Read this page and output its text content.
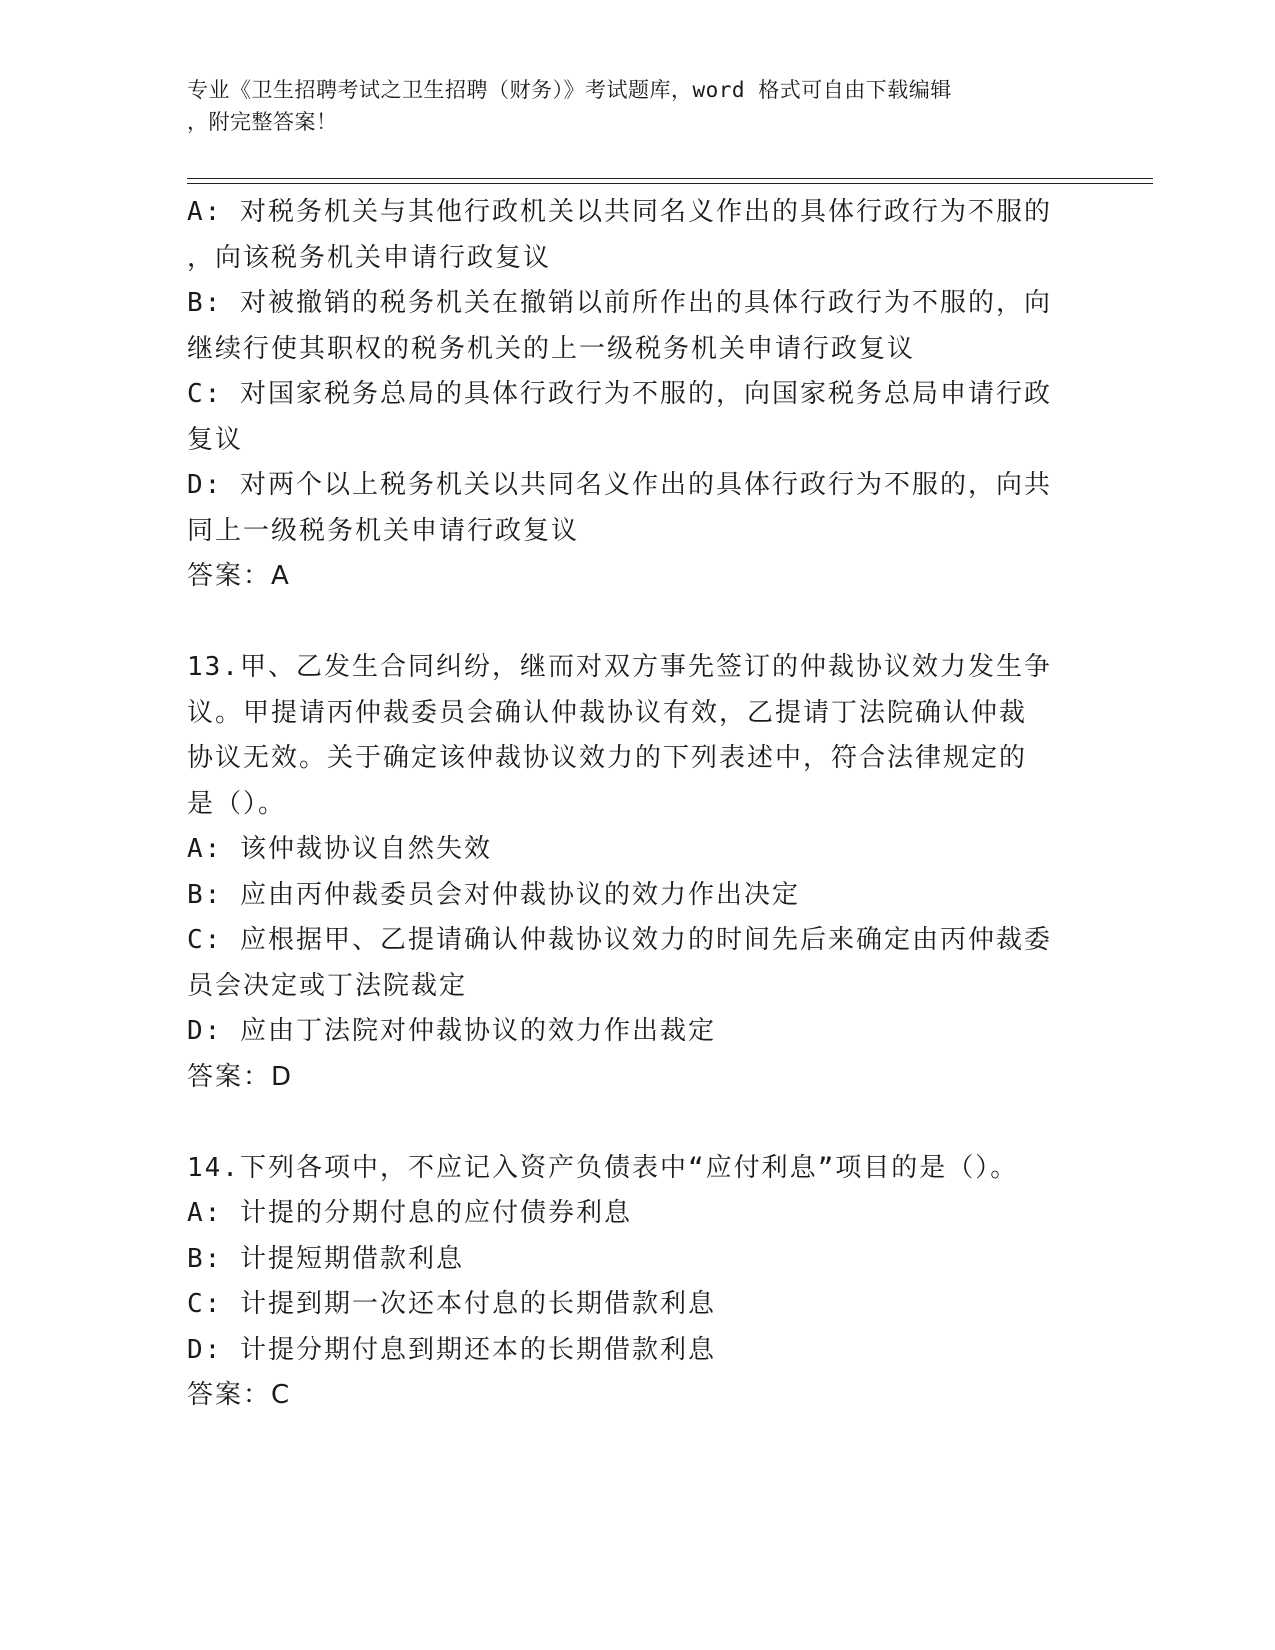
专业《卫生招聘考试之卫生招聘（财务）》考试题库，word 格式可自由下载编辑
，附完整答案！
A: 对税务机关与其他行政机关以共同名义作出的具体行政行为不服的
，向该税务机关申请行政复议
B: 对被撤销的税务机关在撤销以前所作出的具体行政行为不服的，向
继续行使其职权的税务机关的上一级税务机关申请行政复议
C: 对国家税务总局的具体行政行为不服的，向国家税务总局申请行政
复议
D: 对两个以上税务机关以共同名义作出的具体行政行为不服的，向共
同上一级税务机关申请行政复议
答案：A
13.甲、乙发生合同纠纷，继而对双方事先签订的仲裁协议效力发生争
议。甲提请丙仲裁委员会确认仲裁协议有效，乙提请丁法院确认仲裁
协议无效。关于确定该仲裁协议效力的下列表述中，符合法律规定的
是（）。
A: 该仲裁协议自然失效
B: 应由丙仲裁委员会对仲裁协议的效力作出决定
C: 应根据甲、乙提请确认仲裁协议效力的时间先后来确定由丙仲裁委
员会决定或丁法院裁定
D: 应由丁法院对仲裁协议的效力作出裁定
答案：D
14.下列各项中，不应记入资产负债表中“应付利息”项目的是（）。
A: 计提的分期付息的应付债券利息
B: 计提短期借款利息
C: 计提到期一次还本付息的长期借款利息
D: 计提分期付息到期还本的长期借款利息
答案：C
